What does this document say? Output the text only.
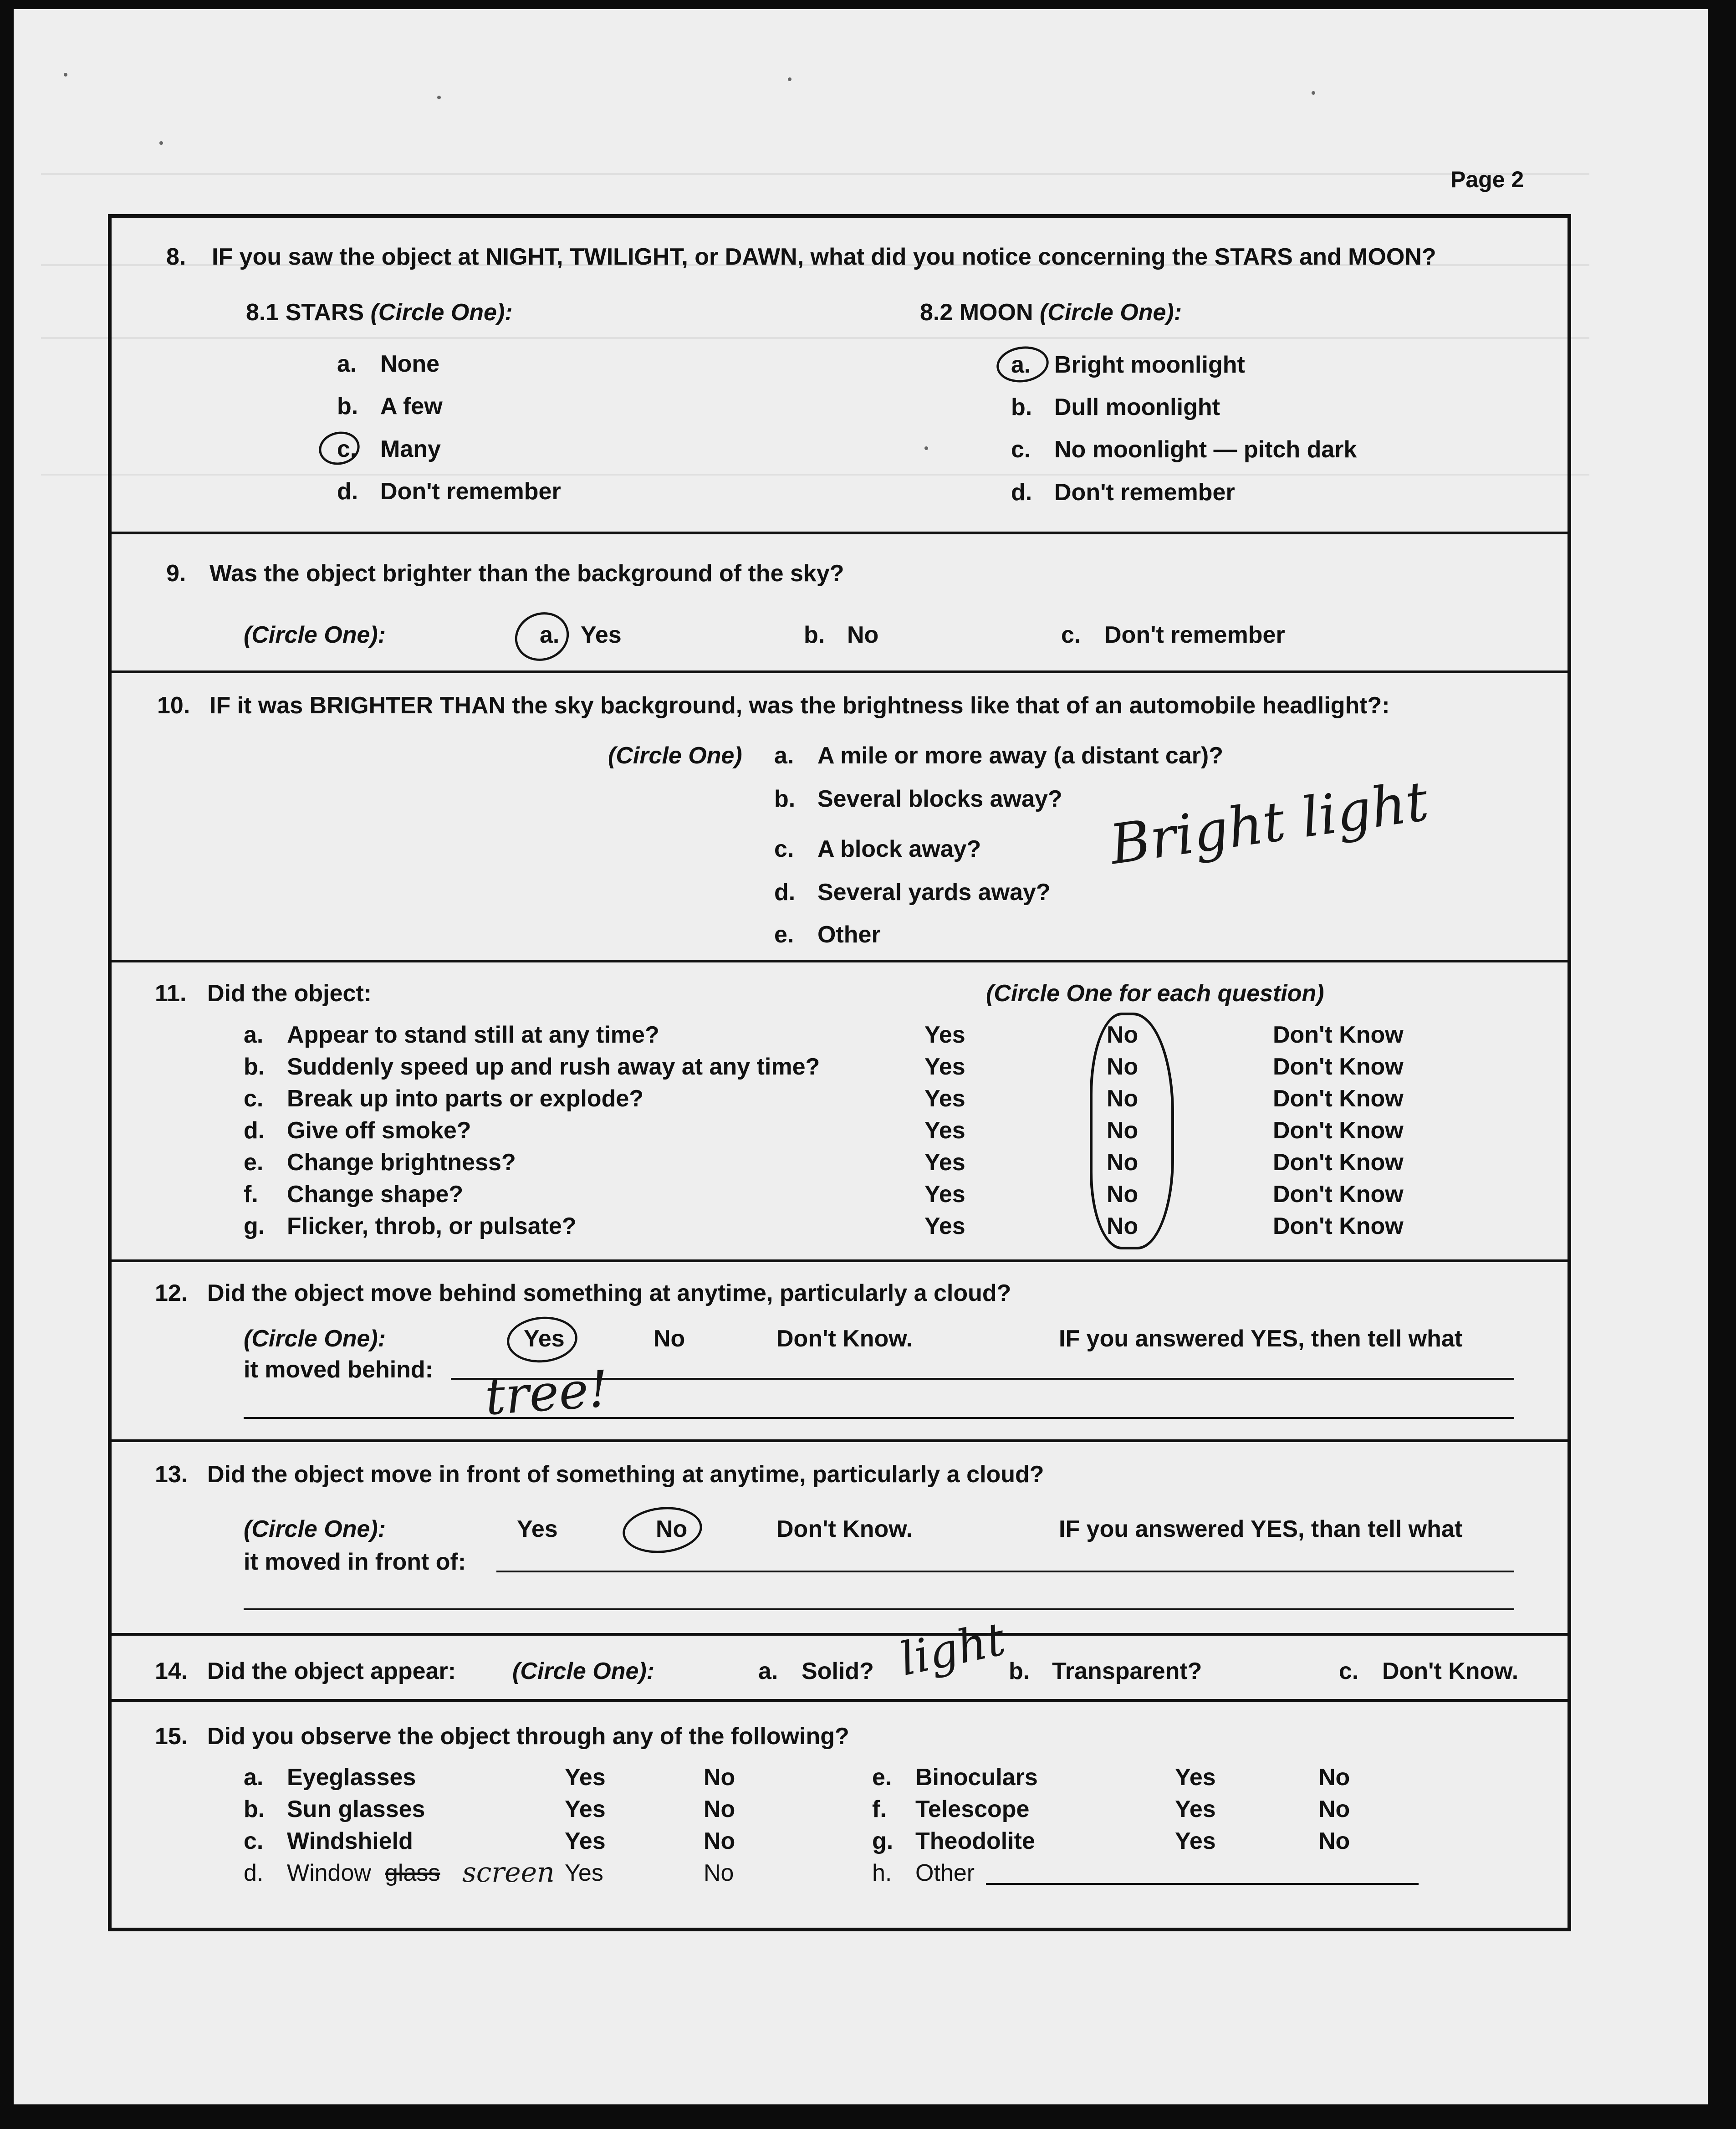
Page 2
8. IF you saw the object at NIGHT, TWILIGHT, or DAWN, what did you notice concerning the STARS and MOON?
8.1 STARS (Circle One):
a. None
b. A few
c. Many
d. Don't remember
8.2 MOON (Circle One):
a. Bright moonlight
b. Dull moonlight
c. No moonlight — pitch dark
d. Don't remember
9. Was the object brighter than the background of the sky?
(Circle One):	a. Yes	b. No	c. Don't remember
10. IF it was BRIGHTER THAN the sky background, was the brightness like that of an automobile headlight?:
(Circle One) a. A mile or more away (a distant car)?
b. Several blocks away?
c. A block away?
d. Several yards away?
e. Other
Bright light
11. Did the object:	(Circle One for each question)
a. Appear to stand still at any time?	Yes	No	Don't Know
b. Suddenly speed up and rush away at any time?	Yes	No	Don't Know
c. Break up into parts or explode?	Yes	No	Don't Know
d. Give off smoke?	Yes	No	Don't Know
e. Change brightness?	Yes	No	Don't Know
f. Change shape?	Yes	No	Don't Know
g. Flicker, throb, or pulsate?	Yes	No	Don't Know
12. Did the object move behind something at anytime, particularly a cloud?
(Circle One):	Yes	No	Don't Know.	IF you answered YES, then tell what
it moved behind: tree!
13. Did the object move in front of something at anytime, particularly a cloud?
(Circle One):	Yes	No	Don't Know.	IF you answered YES, than tell what
it moved in front of:
14. Did the object appear: (Circle One):	a. Solid?	b. Transparent?	c. Don't Know.
light
15. Did you observe the object through any of the following?
a. Eyeglasses	Yes	No
b. Sun glasses	Yes	No
c. Windshield	Yes	No
d. Window glass screen Yes	No
e. Binoculars	Yes	No
f. Telescope	Yes	No
g. Theodolite	Yes	No
h. Other
